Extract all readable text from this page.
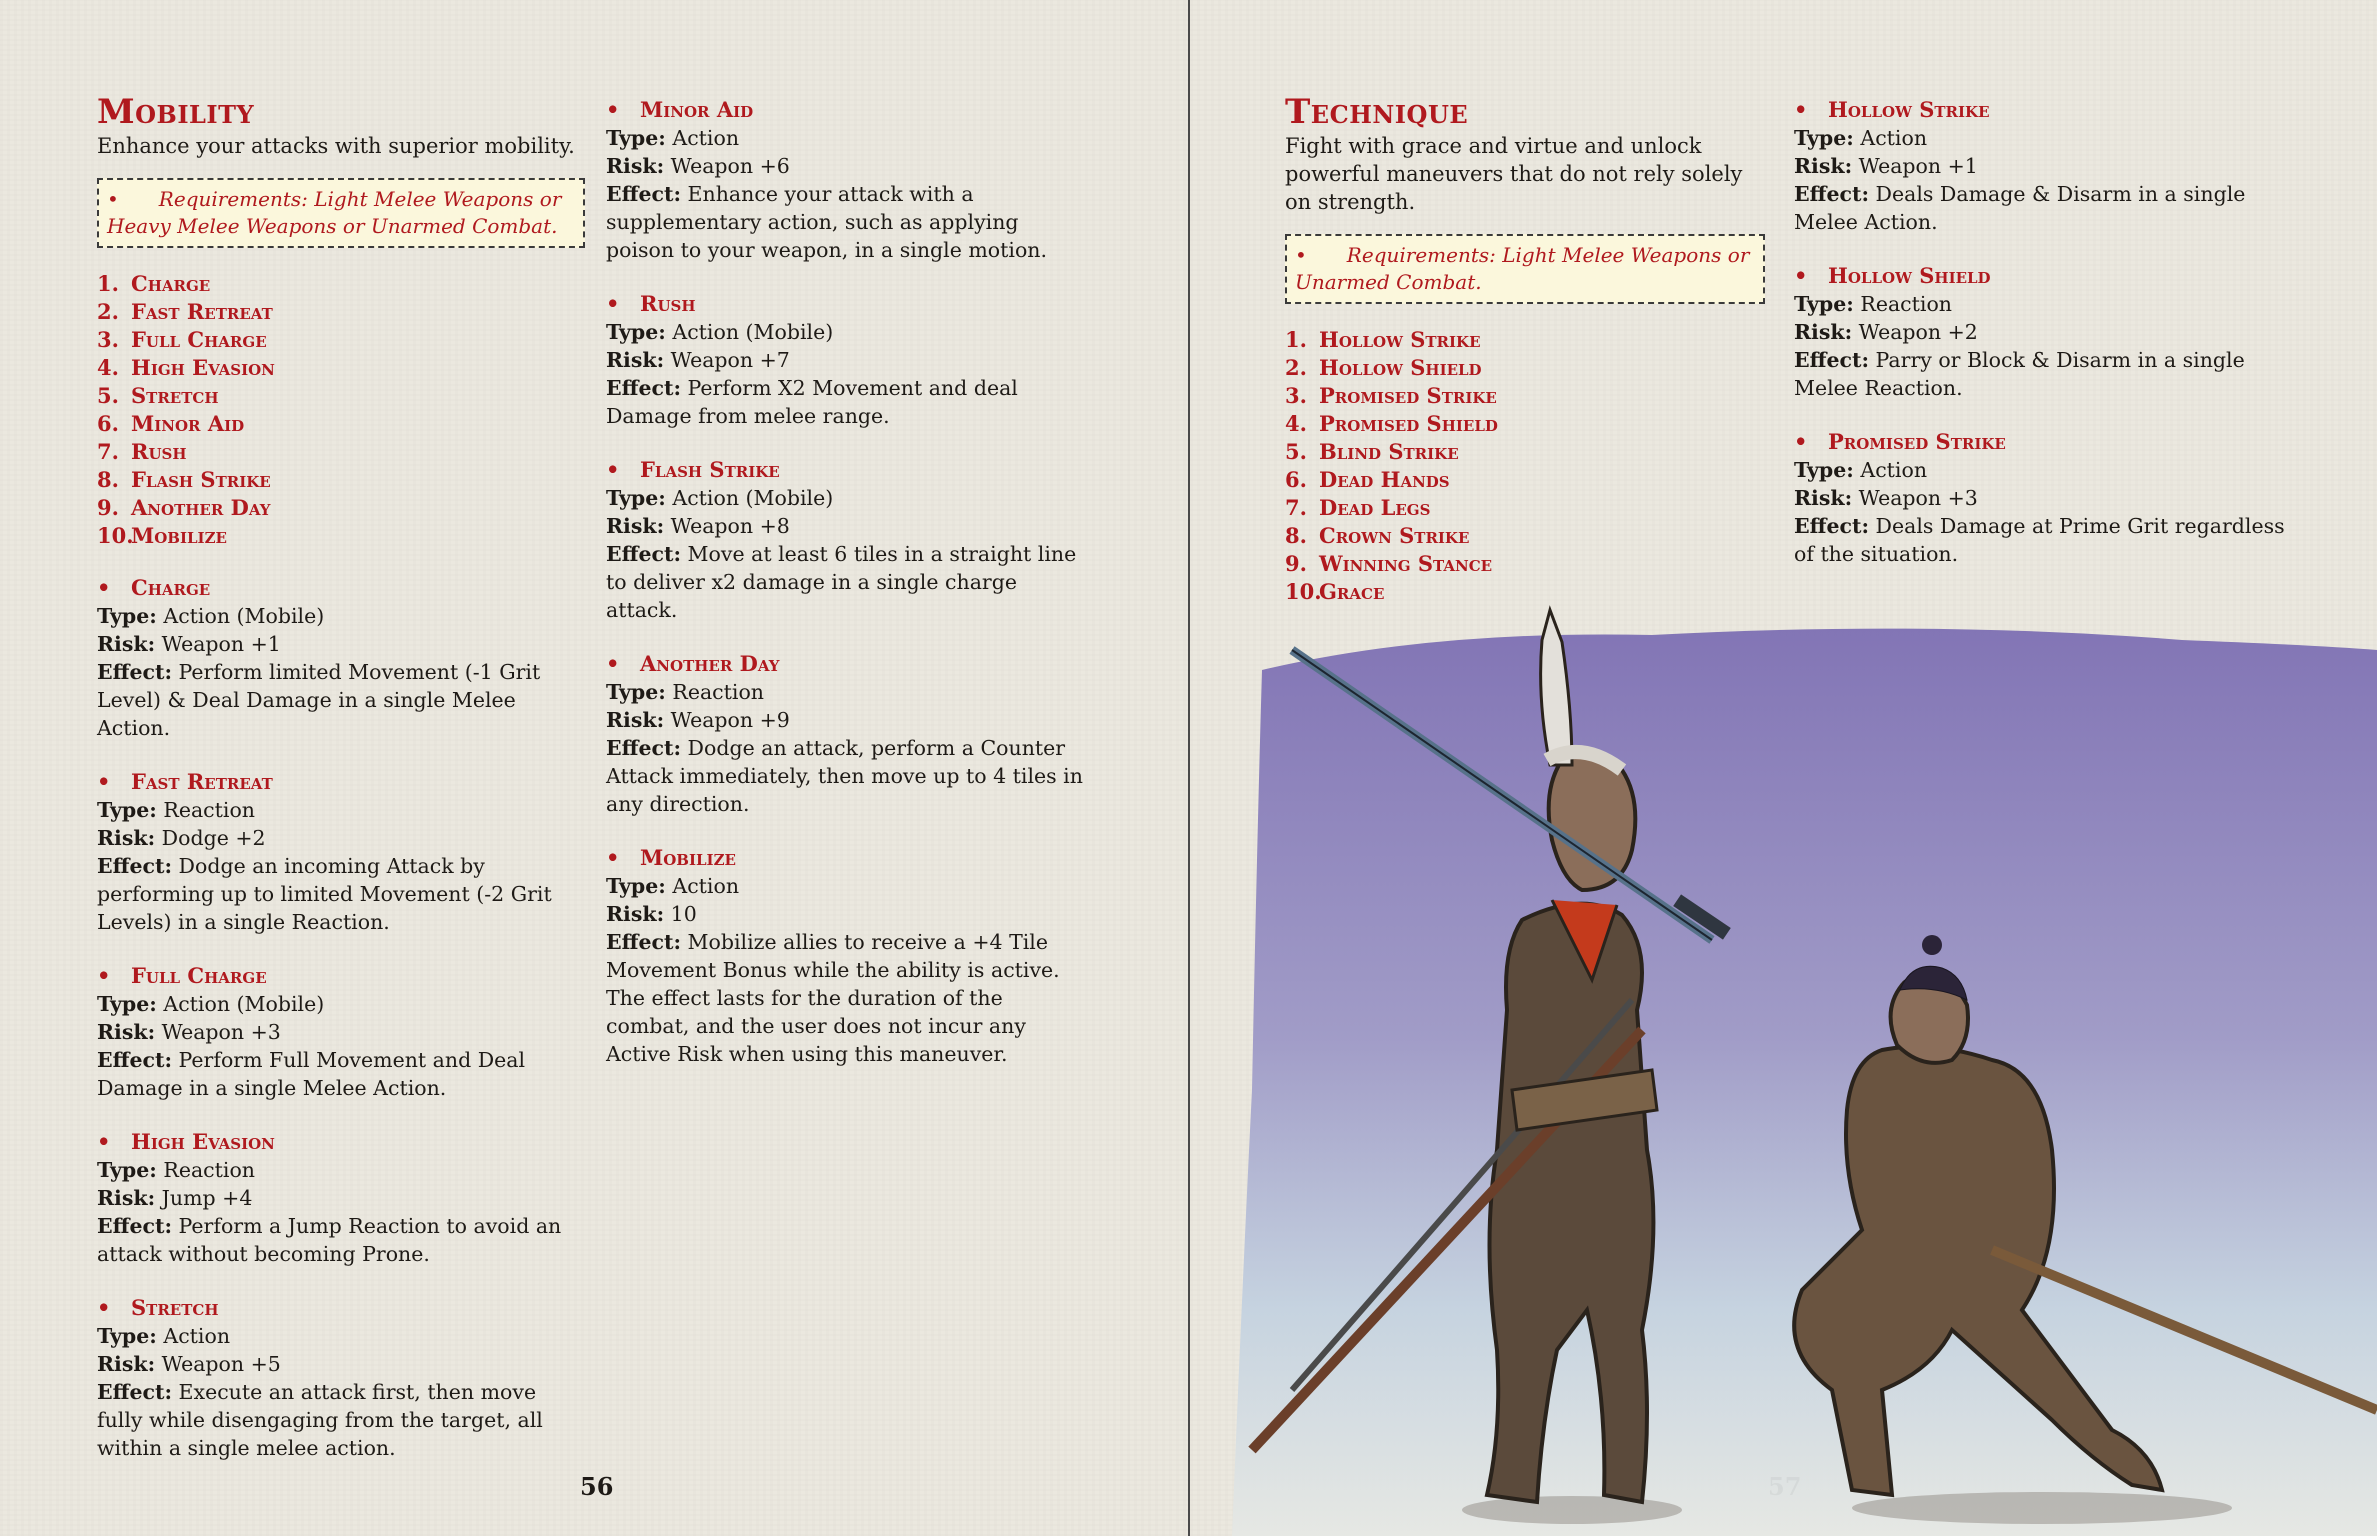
Mobility

Enhance your attacks with superior mobility.

• Requirements: Light Melee Weapons or Heavy Melee Weapons or Unarmed Combat.
1. Charge
2. Fast Retreat
3. Full Charge
4. High Evasion
5. Stretch
6. Minor Aid
7. Rush
8. Flash Strike
9. Another Day
10.Mobilize
• Charge

Type: Action (Mobile)

Risk: Weapon +1

Effect: Perform limited Movement (-1 Grit Level) & Deal Damage in a single Melee Action.

• Fast Retreat

Type: Reaction

Risk: Dodge +2

Effect: Dodge an incoming Attack by performing up to limited Movement (-2 Grit Levels) in a single Reaction.

• Full Charge

Type: Action (Mobile)

Risk: Weapon +3

Effect: Perform Full Movement and Deal Damage in a single Melee Action.

• High Evasion

Type: Reaction

Risk: Jump +4

Effect: Perform a Jump Reaction to avoid an attack without becoming Prone.

• Stretch

Type: Action

Risk: Weapon +5

Effect: Execute an attack first, then move fully while disengaging from the target, all within a single melee action.

• Minor Aid

Type: Action

Risk: Weapon +6

Effect: Enhance your attack with a supplementary action, such as applying poison to your weapon, in a single motion.

• Rush

Type: Action (Mobile)

Risk: Weapon +7

Effect: Perform X2 Movement and deal Damage from melee range.

• Flash Strike

Type: Action (Mobile)

Risk: Weapon +8

Effect: Move at least 6 tiles in a straight line to deliver x2 damage in a single charge attack.

• Another Day

Type: Reaction

Risk: Weapon +9

Effect: Dodge an attack, perform a Counter Attack immediately, then move up to 4 tiles in any direction.

• Mobilize

Type: Action

Risk: 10

Effect: Mobilize allies to receive a +4 Tile Movement Bonus while the ability is active. The effect lasts for the duration of the combat, and the user does not incur any Active Risk when using this maneuver.

56
Technique

Fight with grace and virtue and unlock powerful maneuvers that do not rely solely on strength.

• Requirements: Light Melee Weapons or Unarmed Combat.
1. Hollow Strike
2. Hollow Shield
3. Promised Strike
4. Promised Shield
5. Blind Strike
6. Dead Hands
7. Dead Legs
8. Crown Strike
9. Winning Stance
10.Grace
• Hollow Strike

Type: Action

Risk: Weapon +1

Effect: Deals Damage & Disarm in a single Melee Action.

• Hollow Shield

Type: Reaction

Risk: Weapon +2

Effect: Parry or Block & Disarm in a single Melee Reaction.

• Promised Strike

Type: Action

Risk: Weapon +3

Effect: Deals Damage at Prime Grit regardless of the situation.
